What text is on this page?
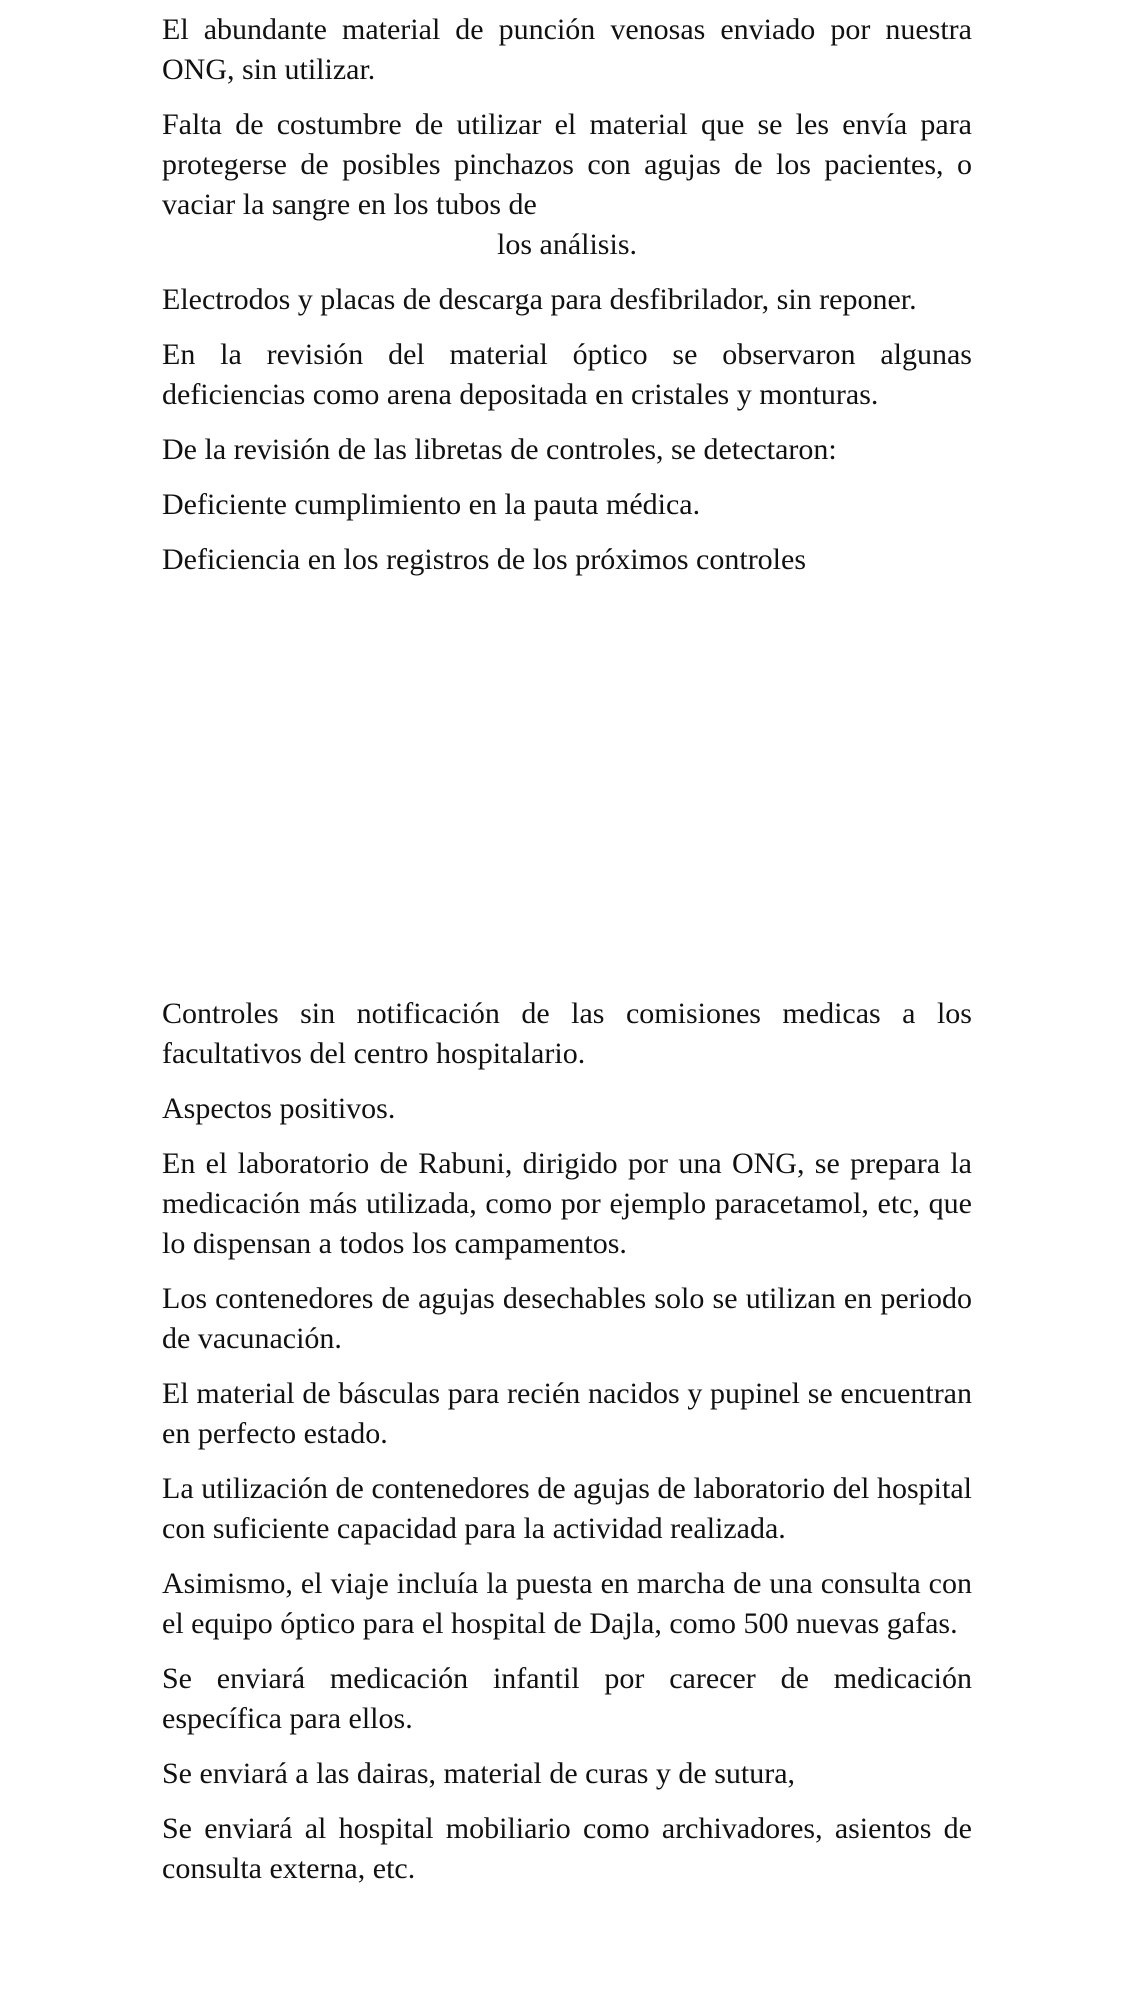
El abundante material de punción venosas enviado por nuestra ONG, sin utilizar.

Falta de costumbre de utilizar el material que se les envía para protegerse de posibles pinchazos con agujas de los pacientes, o vaciar la sangre en los tubos de
los análisis.

Electrodos y placas de descarga para desfibrilador, sin reponer.

En la revisión del material óptico se observaron algunas deficiencias como arena depositada en cristales y monturas.

De la revisión de las libretas de controles, se detectaron:

Deficiente cumplimiento en la pauta médica.

Deficiencia en los registros de los próximos controles

Controles sin notificación de las comisiones medicas a los facultativos del centro hospitalario.

Aspectos positivos.

En el laboratorio de Rabuni, dirigido por una ONG, se prepara la medicación más utilizada, como por ejemplo paracetamol, etc, que lo dispensan a todos los campamentos.

Los contenedores de agujas desechables solo se utilizan en periodo de vacunación.

El material de básculas para recién nacidos y pupinel se encuentran en perfecto estado.

La utilización de contenedores de agujas de laboratorio del hospital con suficiente capacidad para la actividad realizada.

Asimismo, el viaje incluía la puesta en marcha de una consulta con el equipo óptico para el hospital de Dajla, como 500 nuevas gafas.

Se enviará medicación infantil por carecer de medicación específica para ellos.

Se enviará a las dairas, material de curas y de sutura,

Se enviará al hospital mobiliario como archivadores, asientos de consulta externa, etc.
